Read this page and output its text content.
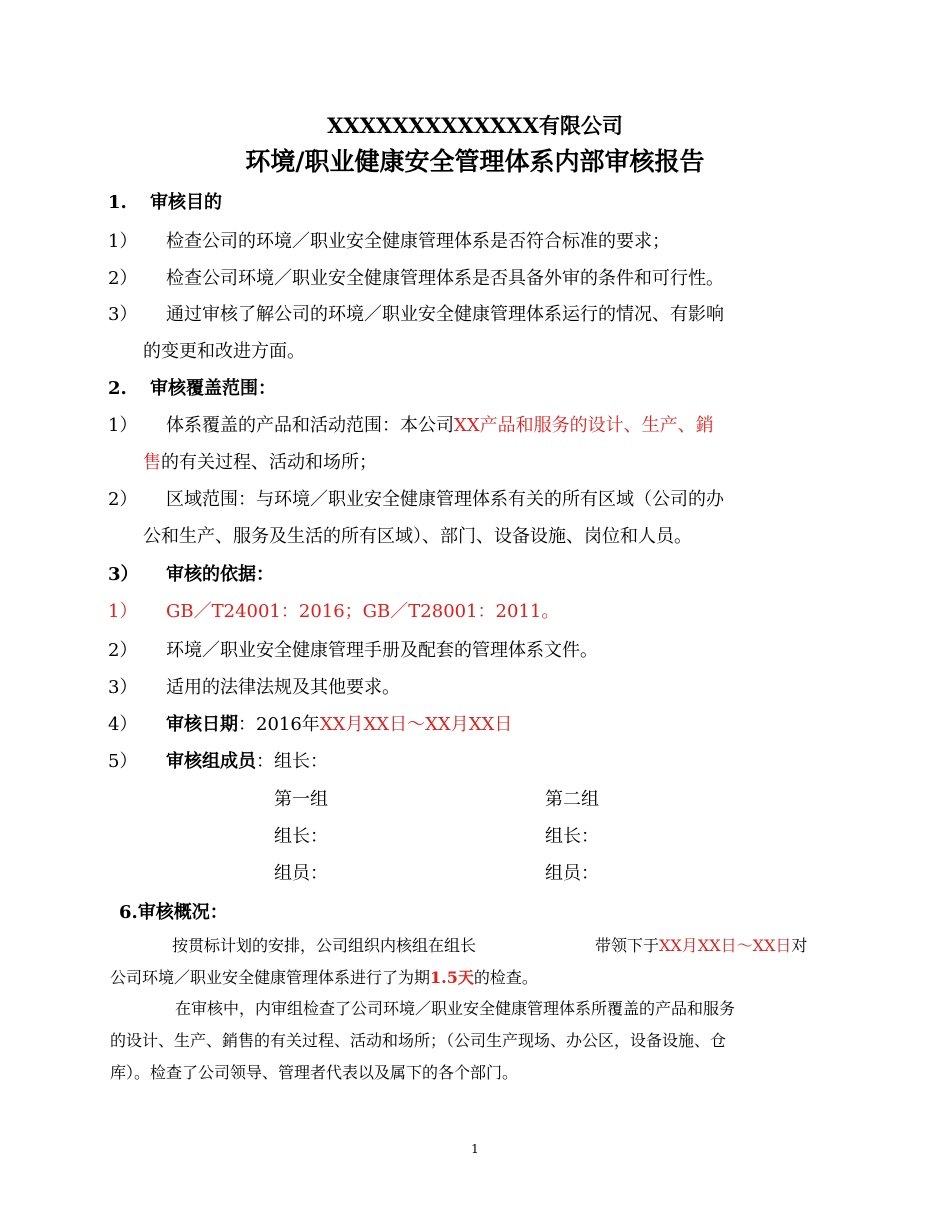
XXXXXXXXXXXXX有限公司
环境/职业健康安全管理体系内部审核报告
1. 审核目的
1） 检查公司的环境／职业安全健康管理体系是否符合标准的要求；
2） 检查公司环境／职业安全健康管理体系是否具备外审的条件和可行性。
3） 通过审核了解公司的环境／职业安全健康管理体系运行的情况、有影响
的变更和改进方面。
2. 审核覆盖范围：
1） 体系覆盖的产品和活动范围：本公司XX产品和服务的设计、生产、銷
售的有关过程、活动和场所；
2） 区域范围：与环境／职业安全健康管理体系有关的所有区域（公司的办
公和生产、服务及生活的所有区域）、部门、设备设施、岗位和人员。
3） 审核的依据：
1） GB／T24001：2016；GB／T28001：2011。
2） 环境／职业安全健康管理手册及配套的管理体系文件。
3） 适用的法律法规及其他要求。
4） 审核日期：2016年XX月XX日～XX月XX日
5） 审核组成员：组长：
第一组	第二组
组长：	组长：
组员：	组员：
6.审核概况：
按贯标计划的安排，公司组织内核组在组长	带领下于XX月XX日～XX日对
公司环境／职业安全健康管理体系进行了为期1.5天的检查。
在审核中，内审组检查了公司环境／职业安全健康管理体系所覆盖的产品和服务
的设计、生产、銷售的有关过程、活动和场所；（公司生产现场、办公区，设备设施、仓
库）。检查了公司领导、管理者代表以及属下的各个部门。
1
